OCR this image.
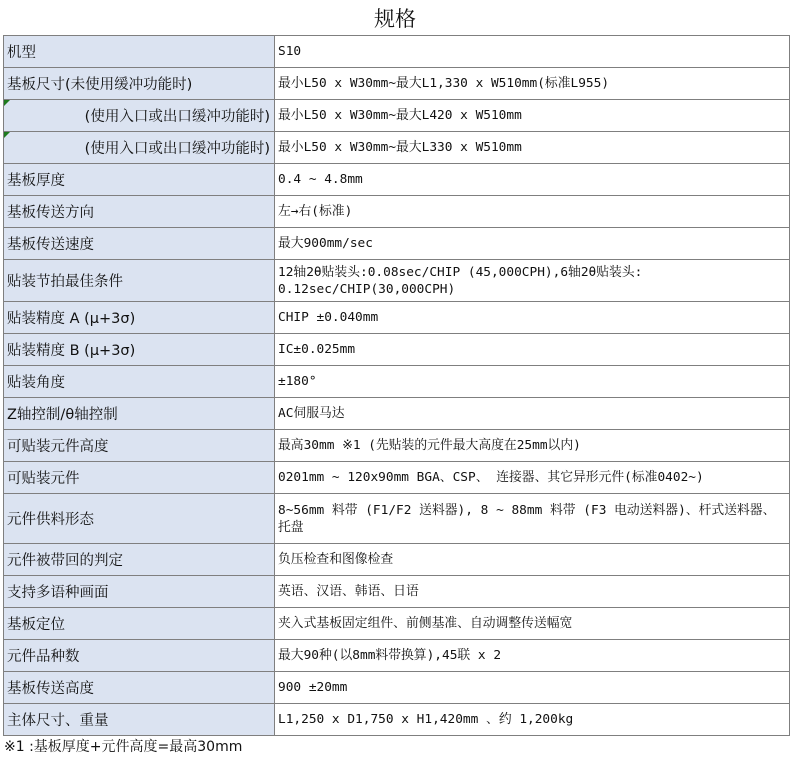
规格
机型	S10
基板尺寸(未使用缓冲功能时)	最小L50 x W30mm~最大L1,330 x W510mm(标准L955)

(使用入口或出口缓冲功能时)	最小L50 x W30mm~最大L420 x W510mm

(使用入口或出口缓冲功能时)	最小L50 x W30mm~最大L330 x W510mm
基板厚度	0.4 ~ 4.8mm
基板传送方向	左→右(标准)
基板传送速度	最大900mm/sec
贴装节拍最佳条件	12轴2θ贴装头:0.08sec/CHIP (45,000CPH),6轴2θ贴装头: 0.12sec/CHIP(30,000CPH)
贴装精度 A (μ+3σ)	CHIP ±0.040mm
贴装精度 B (μ+3σ)	IC±0.025mm
贴装角度	±180°
Z轴控制/θ轴控制	AC伺服马达
可贴装元件高度	最高30mm ※1 (先贴装的元件最大高度在25mm以内)
可贴装元件	0201mm ~ 120x90mm BGA、CSP、 连接器、其它异形元件(标准0402~)
元件供料形态	8~56mm 料带 (F1/F2 送料器), 8 ~ 88mm 料带 (F3 电动送料器)、杆式送料器、托盘
元件被带回的判定	负压检查和图像检查
支持多语种画面	英语、汉语、韩语、日语
基板定位	夹入式基板固定组件、前侧基准、自动调整传送幅宽
元件品种数	最大90种(以8mm料带换算),45联 x 2
基板传送高度	900 ±20mm
主体尺寸、重量	L1,250 x D1,750 x H1,420mm 、约 1,200kg
※1 :基板厚度+元件高度=最高30mm
